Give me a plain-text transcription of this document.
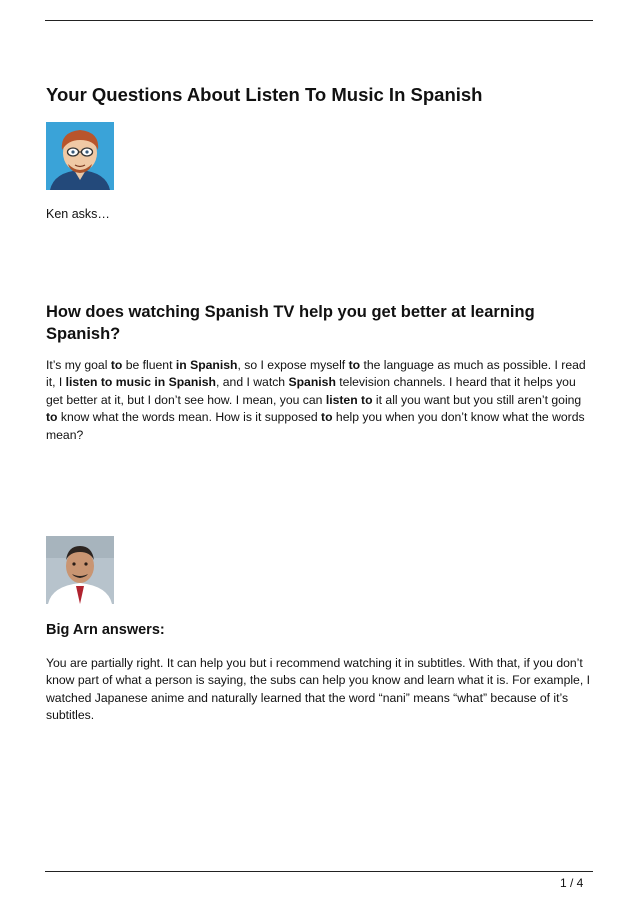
Your Questions About Listen To Music In Spanish

Ken asks…

How does watching Spanish TV help you get better at learning Spanish?

It’s my goal to be fluent in Spanish, so I expose myself to the language as much as possible. I read it, I listen to music in Spanish, and I watch Spanish television channels. I heard that it helps you get better at it, but I don’t see how. I mean, you can listen to it all you want but you still aren’t going to know what the words mean. How is it supposed to help you when you don’t know what the words mean?

Big Arn answers:

You are partially right. It can help you but i recommend watching it in subtitles. With that, if you don’t know part of what a person is saying, the subs can help you know and learn what it is. For example, I watched Japanese anime and naturally learned that the word “nani” means “what” because of it’s subtitles.

1 / 4
